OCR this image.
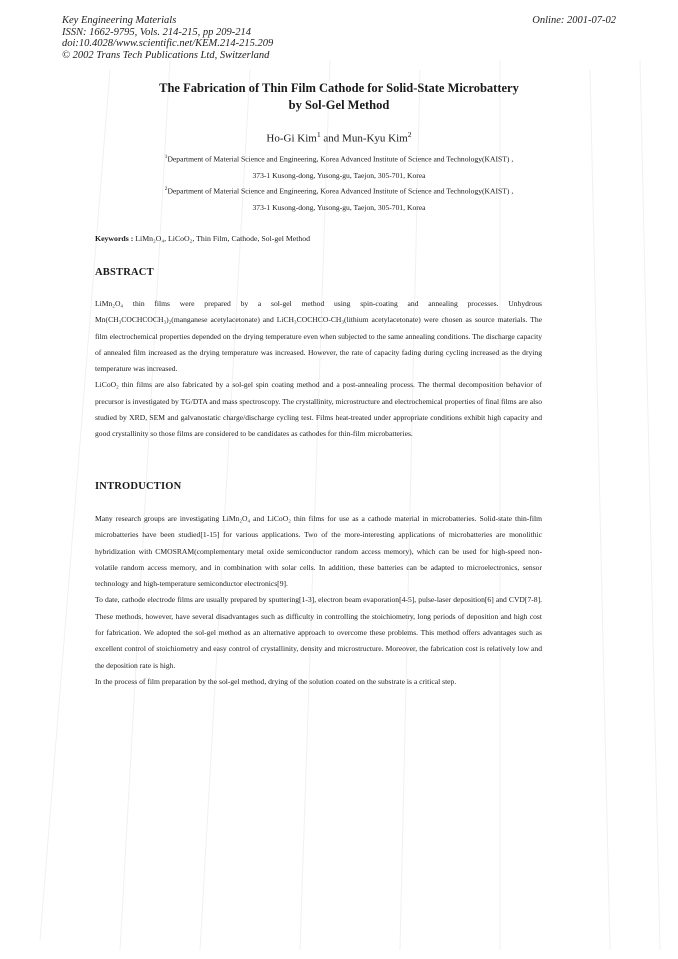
Key Engineering Materials
ISSN: 1662-9795, Vols. 214-215, pp 209-214
doi:10.4028/www.scientific.net/KEM.214-215.209
© 2002 Trans Tech Publications Ltd, Switzerland
Online: 2001-07-02
The Fabrication of Thin Film Cathode for Solid-State Microbattery
by Sol-Gel Method
Ho-Gi Kim$^1$ and Mun-Kyu Kim$^2$
$^1$Department of Material Science and Engineering, Korea Advanced Institute of Science and Technology(KAIST) ,
373-1 Kusong-dong, Yusong-gu, Taejon, 305-701, Korea
$^2$Department of Material Science and Engineering, Korea Advanced Institute of Science and Technology(KAIST) ,
373-1 Kusong-dong, Yusong-gu, Taejon, 305-701, Korea
Keywords : LiMn₂O₄, LiCoO₂, Thin Film, Cathode, Sol-gel Method
ABSTRACT

LiMn₂O₄ thin films were prepared by a sol-gel method using spin-coating and annealing processes. Unhydrous Mn(CH₃COCHCOCH₃)₂(manganese acetylacetonate) and LiCH₃COCHCO-CH₃(lithium acetylacetonate) were chosen as source materials. The film electrochemical properties depended on the drying temperature even when subjected to the same annealing conditions. The discharge capacity of annealed film increased as the drying temperature was increased. However, the rate of capacity fading during cycling increased as the drying temperature was increased.

LiCoO₂ thin films are also fabricated by a sol-gel spin coating method and a post-annealing process. The thermal decomposition behavior of precursor is investigated by TG/DTA and mass spectroscopy. The crystallinity, microstructure and electrochemical properties of final films are also studied by XRD, SEM and galvanostatic charge/discharge cycling test. Films heat-treated under appropriate conditions exhibit high capacity and good crystallinity so those films are considered to be candidates as cathodes for thin-film microbatteries.

INTRODUCTION

Many research groups are investigating LiMn₂O₄ and LiCoO₂ thin films for use as a cathode material in microbatteries. Solid-state thin-film microbatteries have been studied[1-15] for various applications. Two of the more-interesting applications of microbatteries are monolithic hybridization with CMOSRAM(complementary metal oxide semiconductor random access memory), which can be used for high-speed non-volatile random access memory, and in combination with solar cells. In addition, these batteries can be adapted to microelectronics, sensor technology and high-temperature semiconductor electronics[9].

To date, cathode electrode films are usually prepared by sputtering[1-3], electron beam evaporation[4-5], pulse-laser deposition[6] and CVD[7-8]. These methods, however, have several disadvantages such as difficulty in controlling the stoichiometry, long periods of deposition and high cost for fabrication. We adopted the sol-gel method as an alternative approach to overcome these problems. This method offers advantages such as excellent control of stoichiometry and easy control of crystallinity, density and microstructure. Moreover, the fabrication cost is relatively low and the deposition rate is high.

In the process of film preparation by the sol-gel method, drying of the solution coated on the substrate is a critical step.
